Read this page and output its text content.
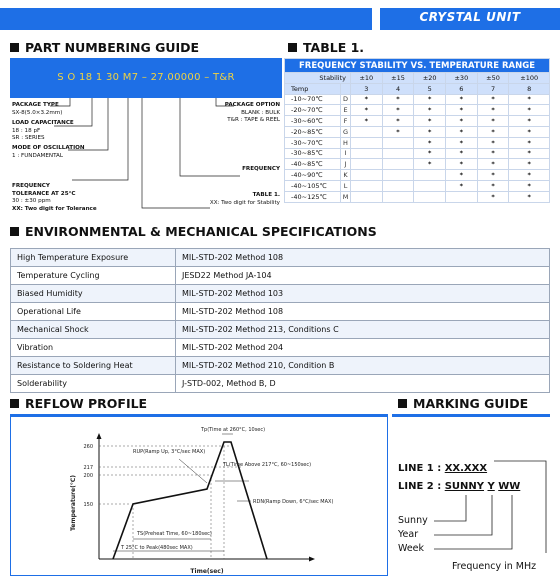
CRYSTAL UNIT
PART NUMBERING GUIDE	TABLE 1.
ENVIRONMENTAL & MECHANICAL SPECIFICATIONS
REFLOW PROFILE	MARKING GUIDE
S O 18 1 30 M7 – 27.00000 – T&R
PACKAGE TYPE
SX-8(5.0×3.2mm)
LOAD CAPACITANCE
18 : 18 pF
SR : SERIES
MODE OF OSCILLATION
1 : FUNDAMENTAL
FREQUENCY
TOLERANCE AT 25°C
30 : ±30 ppm
XX: Two digit for Tolerance
PACKAGE OPTION
BLANK : BULK
T&R : TAPE & REEL
FREQUENCY
TABLE 1.
XX: Two digit for Stability
FREQUENCY STABILITY VS. TEMPERATURE RANGE							
Stability		±10	±15	±20	±30	±50	±100
Temp		3	4	5	6	7	8
-10~70℃	D	*	*	*	*	*	*
-20~70℃	E	*	*	*	*	*	*
-30~60℃	F	*	*	*	*	*	*
-20~85℃	G		*	*	*	*	*
-30~70℃	H			*	*	*	*
-30~85℃	I			*	*	*	*
-40~85℃	J			*	*	*	*
-40~90℃	K				*	*	*
-40~105℃	L				*	*	*
-40~125℃	M					*	*
High Temperature Exposure	MIL-STD-202 Method 108
Temperature Cycling	JESD22 Method JA-104
Biased Humidity	MIL-STD-202 Method 103
Operational Life	MIL-STD-202 Method 108
Mechanical Shock	MIL-STD-202 Method 213, Conditions C
Vibration	MIL-STD-202 Method 204
Resistance to Soldering Heat	MIL-STD-202 Method 210, Condition B
Solderability	J-STD-002, Method B, D
260
217
200
150
Tp(Time at 260°C, 10sec)
RUP(Ramp Up, 3°C/sec MAX)
TL(Time Above 217°C, 60~150sec)
RDN(Ramp Down, 6°C/sec MAX)
TS(Preheat Time, 60~180sec)
T 25°C to Peak(480sec MAX)
Time(sec)
Temperature(°C)
LINE 1 : XX.XXX
LINE 2 : SUNNY Y WW
Sunny
Year
Week
Frequency in MHz
